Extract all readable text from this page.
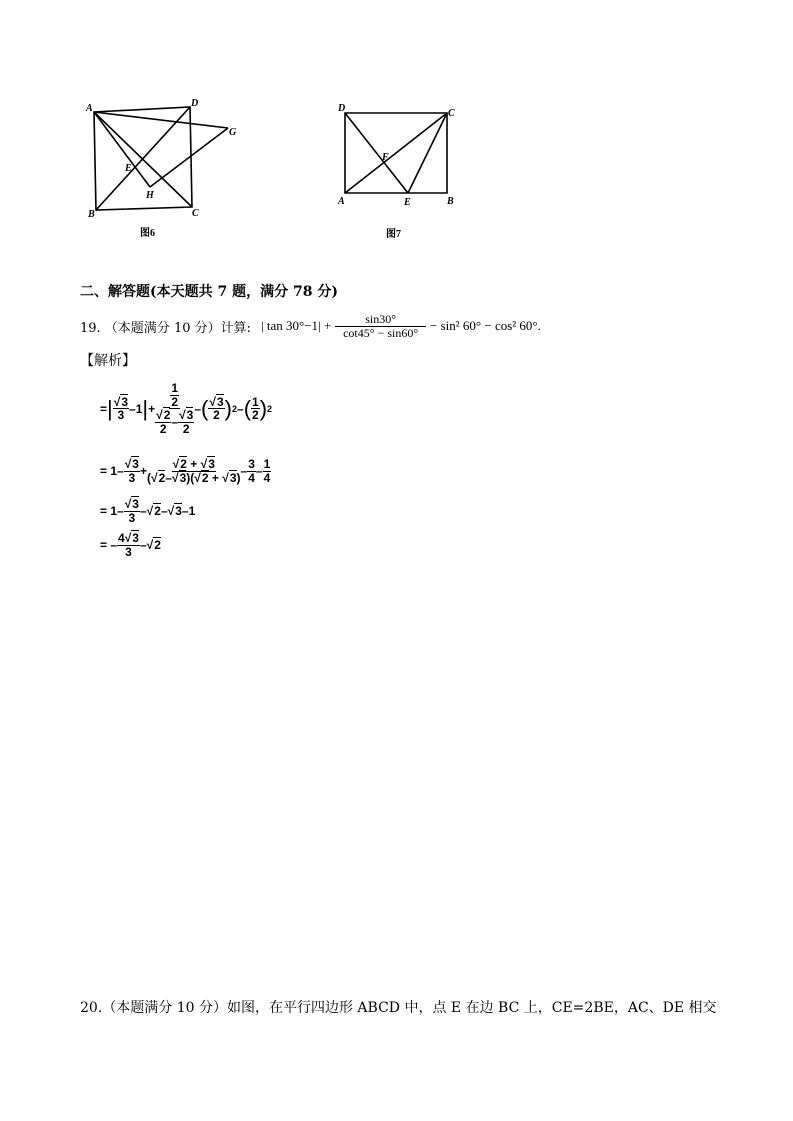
A	D
G
E
H
B	C
图6
D	C
F
A	E	B
图7
二、解答题(本天题共 7 题，满分 78 分)
19. （本题满分 10 分）计算: | $\tan 30^\circ-1| + \frac{\sin 30^\circ}{\cot 45^\circ - \sin 60^\circ} - \sin^2$ 60° − cos² 60°.
【解析】
= | $\frac{√3}{3} -1$ | + $\frac{\frac{1}{2}}{\frac{√2}{2} - \frac{√3}{2}}$ – ( $\frac{√3}{2}$ ) 2 – ( $\frac{1}{2}$ ) 2
= $1- \frac{√3}{3} + \frac{√2 + √3}{(√2-√3)(√2 + √3)} - \frac{3}{4} - \frac{1}{4}$
= $1- \frac{√3}{3} -√2-√3-1$
= – $\frac{4√3}{3} -√2$
20.（本题满分 10 分）如图，在平行四边形 ABCD 中，点 E 在边 BC 上，CE=2BE，AC、DE 相交
